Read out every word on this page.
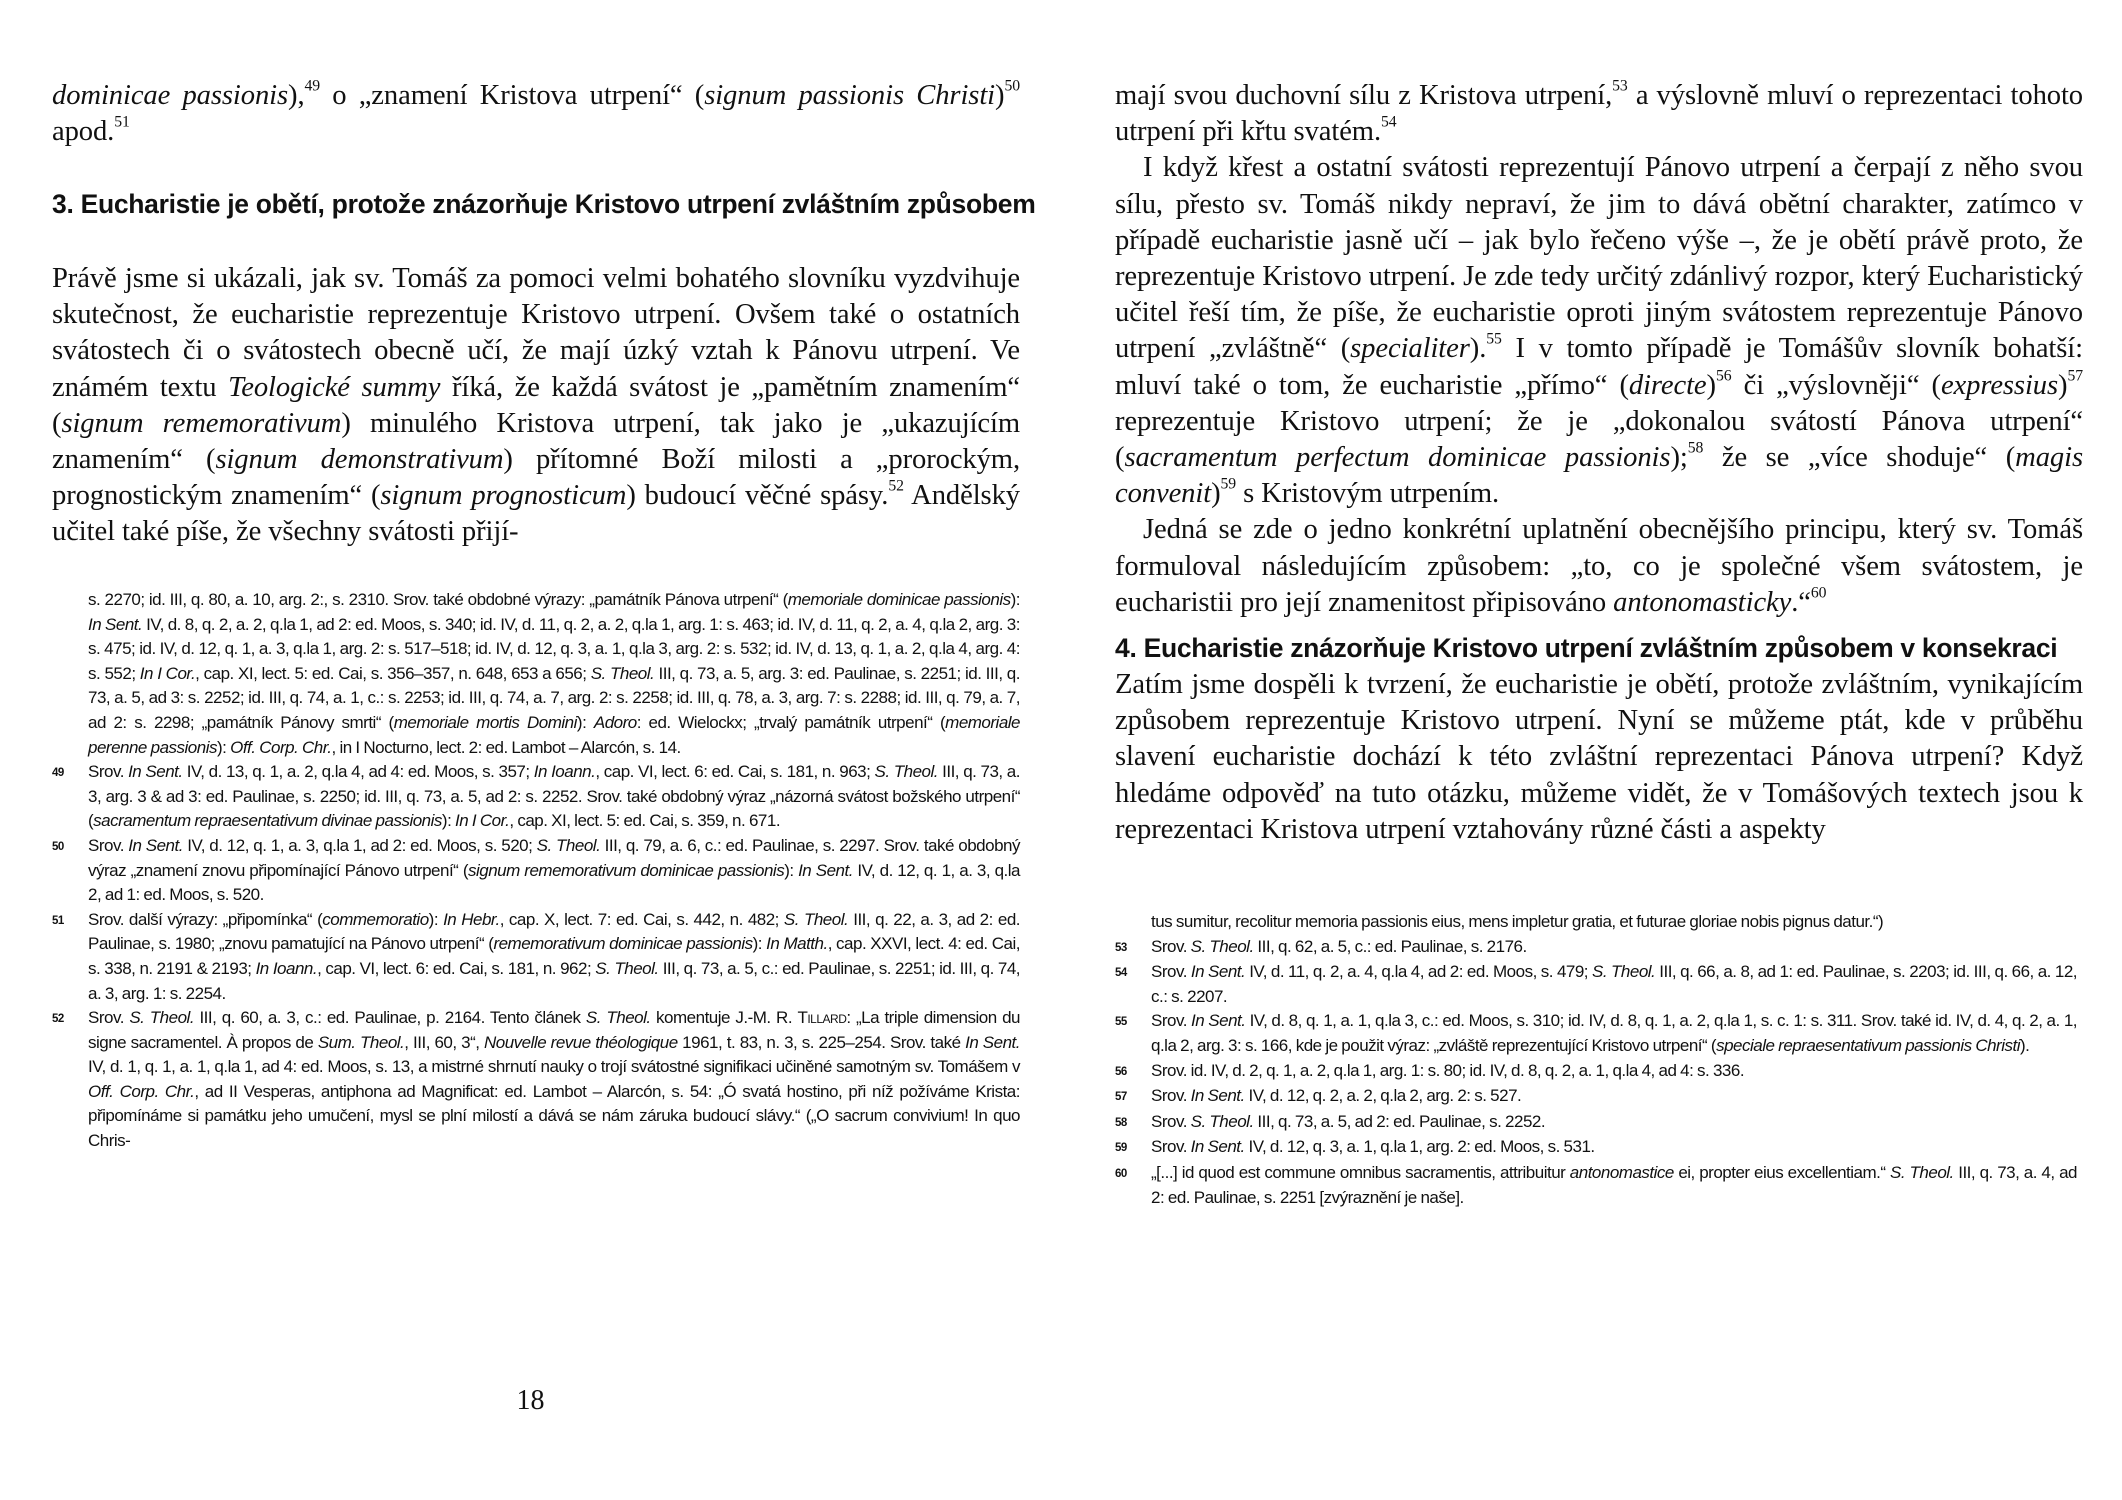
dominicae passionis),$^{49}$ o „znamení Kristova utrpení“ (signum passionis Christi)$^{50}$ apod.$^{51}$

3. Eucharistie je obětí, protože znázorňuje Kristovo utrpení zvláštním způsobem

Právě jsme si ukázali, jak sv. Tomáš za pomoci velmi bohatého slovníku vyzdvihuje skutečnost, že eucharistie reprezentuje Kristovo utrpení. Ovšem také o ostatních svátostech či o svátostech obecně učí, že mají úzký vztah k Pánovu utrpení. Ve známém textu Teologické summy říká, že každá svátost je „pamětním znamením“ (signum rememorativum) minulého Kristova utrpení, tak jako je „ukazujícím znamením“ (signum demonstrativum) přítomné Boží milosti a „prorockým, prognostickým znamením“ (signum prognosticum) budoucí věčné spásy.$^{52}$ Andělský učitel také píše, že všechny svátosti přijí-

s. 2270; id. III, q. 80, a. 10, arg. 2:, s. 2310. Srov. také obdobné výrazy: „památník Pánova utrpení“ (memoriale dominicae passionis): In Sent. IV, d. 8, q. 2, a. 2, q.la 1, ad 2: ed. Moos, s. 340; id. IV, d. 11, q. 2, a. 2, q.la 1, arg. 1: s. 463; id. IV, d. 11, q. 2, a. 4, q.la 2, arg. 3: s. 475; id. IV, d. 12, q. 1, a. 3, q.la 1, arg. 2: s. 517–518; id. IV, d. 12, q. 3, a. 1, q.la 3, arg. 2: s. 532; id. IV, d. 13, q. 1, a. 2, q.la 4, arg. 4: s. 552; In I Cor., cap. XI, lect. 5: ed. Cai, s. 356–357, n. 648, 653 a 656; S. Theol. III, q. 73, a. 5, arg. 3: ed. Paulinae, s. 2251; id. III, q. 73, a. 5, ad 3: s. 2252; id. III, q. 74, a. 1, c.: s. 2253; id. III, q. 74, a. 7, arg. 2: s. 2258; id. III, q. 78, a. 3, arg. 7: s. 2288; id. III, q. 79, a. 7, ad 2: s. 2298; „památník Pánovy smrti“ (memoriale mortis Domini): Adoro: ed. Wielockx; „trvalý památník utrpení“ (memoriale perenne passionis): Off. Corp. Chr., in I Nocturno, lect. 2: ed. Lambot – Alarcón, s. 14.
49	Srov. In Sent. IV, d. 13, q. 1, a. 2, q.la 4, ad 4: ed. Moos, s. 357; In Ioann., cap. VI, lect. 6: ed. Cai, s. 181, n. 963; S. Theol. III, q. 73, a. 3, arg. 3 & ad 3: ed. Paulinae, s. 2250; id. III, q. 73, a. 5, ad 2: s. 2252. Srov. také obdobný výraz „názorná svátost božského utrpení“ (sacramentum repraesentativum divinae passionis): In I Cor., cap. XI, lect. 5: ed. Cai, s. 359, n. 671.
50	Srov. In Sent. IV, d. 12, q. 1, a. 3, q.la 1, ad 2: ed. Moos, s. 520; S. Theol. III, q. 79, a. 6, c.: ed. Paulinae, s. 2297. Srov. také obdobný výraz „znamení znovu připomínající Pánovo utrpení“ (signum rememorativum dominicae passionis): In Sent. IV, d. 12, q. 1, a. 3, q.la 2, ad 1: ed. Moos, s. 520.
51	Srov. další výrazy: „připomínka“ (commemoratio): In Hebr., cap. X, lect. 7: ed. Cai, s. 442, n. 482; S. Theol. III, q. 22, a. 3, ad 2: ed. Paulinae, s. 1980; „znovu pamatující na Pánovo utrpení“ (rememorativum dominicae passionis): In Matth., cap. XXVI, lect. 4: ed. Cai, s. 338, n. 2191 & 2193; In Ioann., cap. VI, lect. 6: ed. Cai, s. 181, n. 962; S. Theol. III, q. 73, a. 5, c.: ed. Paulinae, s. 2251; id. III, q. 74, a. 3, arg. 1: s. 2254.
52	Srov. S. Theol. III, q. 60, a. 3, c.: ed. Paulinae, p. 2164. Tento článek S. Theol. komentuje J.-M. R. Tillard: „La triple dimension du signe sacramentel. À propos de Sum. Theol., III, 60, 3“, Nouvelle revue théologique 1961, t. 83, n. 3, s. 225–254. Srov. také In Sent. IV, d. 1, q. 1, a. 1, q.la 1, ad 4: ed. Moos, s. 13, a mistrné shrnutí nauky o trojí svátostné signifikaci učiněné samotným sv. Tomášem v Off. Corp. Chr., ad II Vesperas, antiphona ad Magnificat: ed. Lambot – Alarcón, s. 54: „Ó svatá hostino, při níž požíváme Krista: připomínáme si památku jeho umučení, mysl se plní milostí a dává se nám záruka budoucí slávy.“ („O sacrum convivium! In quo Chris-
18

mají svou duchovní sílu z Kristova utrpení,$^{53}$ a výslovně mluví o reprezentaci tohoto utrpení při křtu svatém.$^{54}$

I když křest a ostatní svátosti reprezentují Pánovo utrpení a čerpají z něho svou sílu, přesto sv. Tomáš nikdy nepraví, že jim to dává obětní charakter, zatímco v případě eucharistie jasně učí – jak bylo řečeno výše –, že je obětí právě proto, že reprezentuje Kristovo utrpení. Je zde tedy určitý zdánlivý rozpor, který Eucharistický učitel řeší tím, že píše, že eucharistie oproti jiným svátostem reprezentuje Pánovo utrpení „zvláštně“ (specialiter).$^{55}$ I v tomto případě je Tomášův slovník bohatší: mluví také o tom, že eucharistie „přímo“ (directe)$^{56}$ či „výslovněji“ (expressius)$^{57}$ reprezentuje Kristovo utrpení; že je „dokonalou svátostí Pánova utrpení“ (sacramentum perfectum dominicae passionis);$^{58}$ že se „více shoduje“ (magis convenit)$^{59}$ s Kristovým utrpením.

Jedná se zde o jedno konkrétní uplatnění obecnějšího principu, který sv. Tomáš formuloval následujícím způsobem: „to, co je společné všem svátostem, je eucharistii pro její znamenitost připisováno antonomasticky.“$^{60}$

4. Eucharistie znázorňuje Kristovo utrpení zvláštním způsobem v konsekraci

Zatím jsme dospěli k tvrzení, že eucharistie je obětí, protože zvláštním, vynikajícím způsobem reprezentuje Kristovo utrpení. Nyní se můžeme ptát, kde v průběhu slavení eucharistie dochází k této zvláštní reprezentaci Pánova utrpení? Když hledáme odpověď na tuto otázku, můžeme vidět, že v Tomášových textech jsou k reprezentaci Kristova utrpení vztahovány různé části a aspekty

tus sumitur, recolitur memoria passionis eius, mens impletur gratia, et futurae gloriae nobis pignus datur.“)
53	Srov. S. Theol. III, q. 62, a. 5, c.: ed. Paulinae, s. 2176.
54	Srov. In Sent. IV, d. 11, q. 2, a. 4, q.la 4, ad 2: ed. Moos, s. 479; S. Theol. III, q. 66, a. 8, ad 1: ed. Paulinae, s. 2203; id. III, q. 66, a. 12, c.: s. 2207.
55	Srov. In Sent. IV, d. 8, q. 1, a. 1, q.la 3, c.: ed. Moos, s. 310; id. IV, d. 8, q. 1, a. 2, q.la 1, s. c. 1: s. 311. Srov. také id. IV, d. 4, q. 2, a. 1, q.la 2, arg. 3: s. 166, kde je použit výraz: „zvláště reprezentující Kristovo utrpení“ (speciale repraesentativum passionis Christi).
56	Srov. id. IV, d. 2, q. 1, a. 2, q.la 1, arg. 1: s. 80; id. IV, d. 8, q. 2, a. 1, q.la 4, ad 4: s. 336.
57	Srov. In Sent. IV, d. 12, q. 2, a. 2, q.la 2, arg. 2: s. 527.
58	Srov. S. Theol. III, q. 73, a. 5, ad 2: ed. Paulinae, s. 2252.
59	Srov. In Sent. IV, d. 12, q. 3, a. 1, q.la 1, arg. 2: ed. Moos, s. 531.
60	„[...] id quod est commune omnibus sacramentis, attribuitur antonomastice ei, propter eius excellentiam.“ S. Theol. III, q. 73, a. 4, ad 2: ed. Paulinae, s. 2251 [zvýraznění je naše].
